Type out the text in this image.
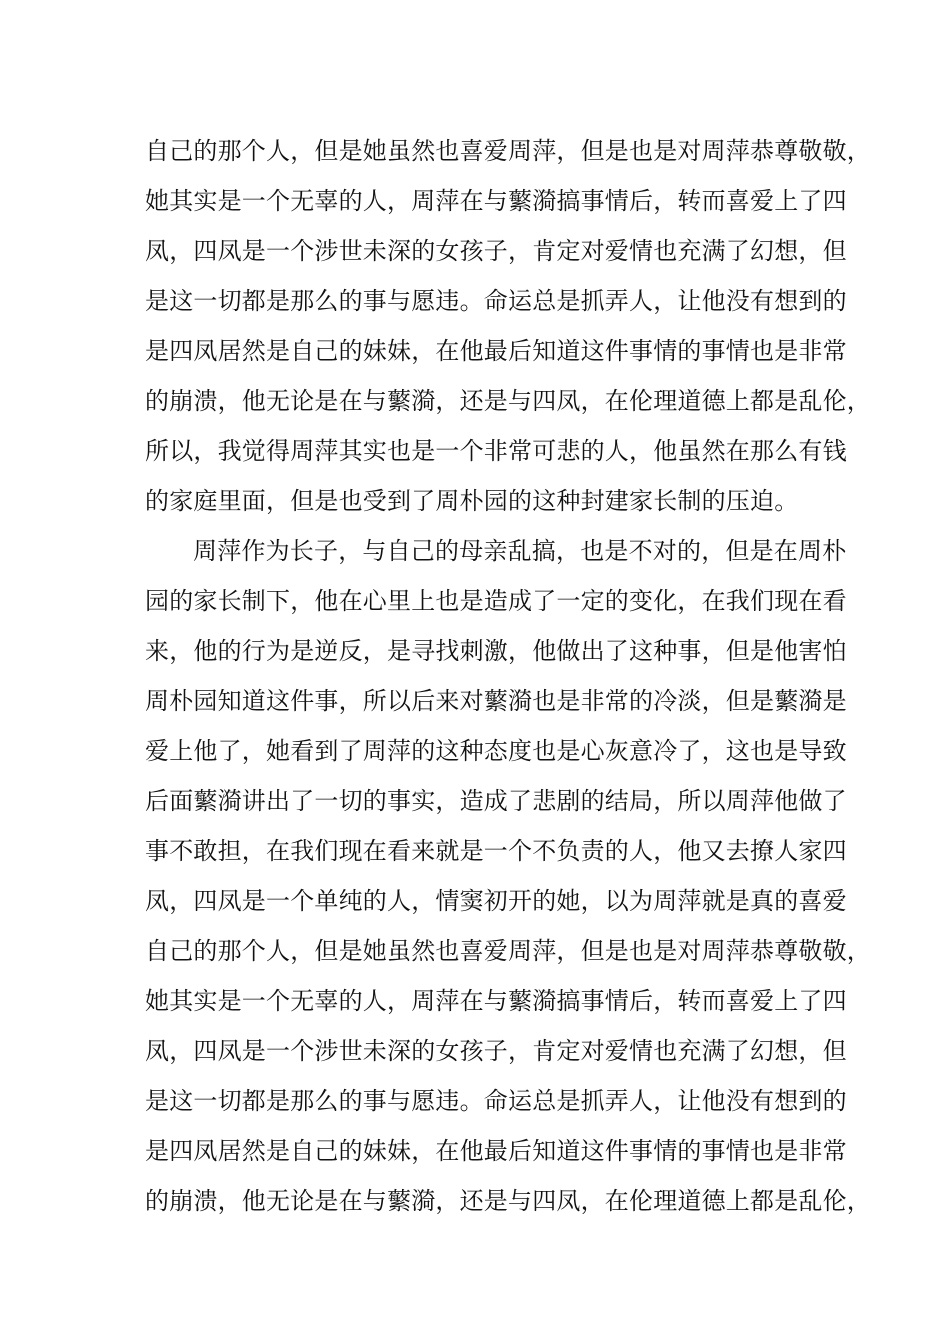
自己的那个人，但是她虽然也喜爱周萍，但是也是对周萍恭尊敬敬，
她其实是一个无辜的人，周萍在与蘩漪搞事情后，转而喜爱上了四
凤，四凤是一个涉世未深的女孩子，肯定对爱情也充满了幻想，但
是这一切都是那么的事与愿违。命运总是抓弄人，让他没有想到的
是四凤居然是自己的妹妹，在他最后知道这件事情的事情也是非常
的崩溃，他无论是在与蘩漪，还是与四凤，在伦理道德上都是乱伦，
所以，我觉得周萍其实也是一个非常可悲的人，他虽然在那么有钱
的家庭里面，但是也受到了周朴园的这种封建家长制的压迫。
周萍作为长子，与自己的母亲乱搞，也是不对的，但是在周朴
园的家长制下，他在心里上也是造成了一定的变化，在我们现在看
来，他的行为是逆反，是寻找刺激，他做出了这种事，但是他害怕
周朴园知道这件事，所以后来对蘩漪也是非常的冷淡，但是蘩漪是
爱上他了，她看到了周萍的这种态度也是心灰意冷了，这也是导致
后面蘩漪讲出了一切的事实，造成了悲剧的结局，所以周萍他做了
事不敢担，在我们现在看来就是一个不负责的人，他又去撩人家四
凤，四凤是一个单纯的人，情窦初开的她，以为周萍就是真的喜爱
自己的那个人，但是她虽然也喜爱周萍，但是也是对周萍恭尊敬敬，
她其实是一个无辜的人，周萍在与蘩漪搞事情后，转而喜爱上了四
凤，四凤是一个涉世未深的女孩子，肯定对爱情也充满了幻想，但
是这一切都是那么的事与愿违。命运总是抓弄人，让他没有想到的
是四凤居然是自己的妹妹，在他最后知道这件事情的事情也是非常
的崩溃，他无论是在与蘩漪，还是与四凤，在伦理道德上都是乱伦，
